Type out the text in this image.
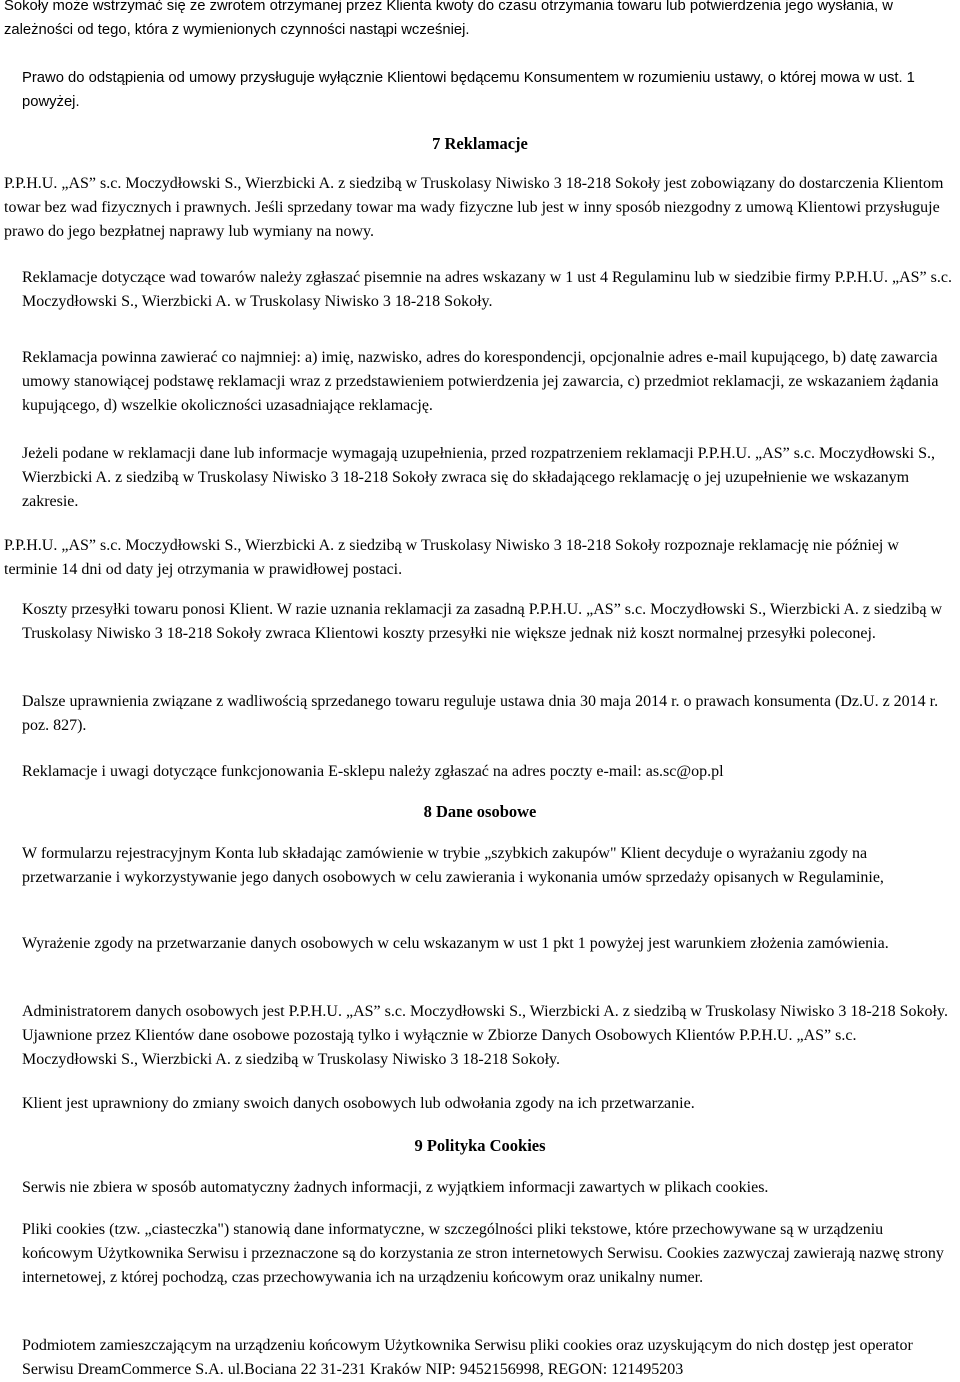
Sokoły może wstrzymać się ze zwrotem otrzymanej przez Klienta kwoty do czasu otrzymania towaru lub potwierdzenia jego wysłania, w zależności od tego, która z wymienionych czynności nastąpi wcześniej.

Prawo do odstąpienia od umowy przysługuje wyłącznie Klientowi będącemu Konsumentem w rozumieniu ustawy, o której mowa w ust. 1 powyżej.

7 Reklamacje

P.P.H.U. „AS” s.c. Moczydłowski S., Wierzbicki A. z siedzibą w Truskolasy Niwisko 3 18-218 Sokoły jest zobowiązany do dostarczenia Klientom towar bez wad fizycznych i prawnych. Jeśli sprzedany towar ma wady fizyczne lub jest w inny sposób niezgodny z umową Klientowi przysługuje prawo do jego bezpłatnej naprawy lub wymiany na nowy.

Reklamacje dotyczące wad towarów należy zgłaszać pisemnie na adres wskazany w 1 ust 4 Regulaminu lub w siedzibie firmy P.P.H.U. „AS” s.c. Moczydłowski S., Wierzbicki A. w Truskolasy Niwisko 3 18-218 Sokoły.

Reklamacja powinna zawierać co najmniej: a) imię, nazwisko, adres do korespondencji, opcjonalnie adres e-mail kupującego, b) datę zawarcia umowy stanowiącej podstawę reklamacji wraz z przedstawieniem potwierdzenia jej zawarcia, c) przedmiot reklamacji, ze wskazaniem żądania kupującego, d) wszelkie okoliczności uzasadniające reklamację.

Jeżeli podane w reklamacji dane lub informacje wymagają uzupełnienia, przed rozpatrzeniem reklamacji P.P.H.U. „AS” s.c. Moczydłowski S., Wierzbicki A. z siedzibą w Truskolasy Niwisko 3 18-218 Sokoły zwraca się do składającego reklamację o jej uzupełnienie we wskazanym zakresie.

P.P.H.U. „AS” s.c. Moczydłowski S., Wierzbicki A. z siedzibą w Truskolasy Niwisko 3 18-218 Sokoły rozpoznaje reklamację nie później w terminie 14 dni od daty jej otrzymania w prawidłowej postaci.

Koszty przesyłki towaru ponosi Klient. W razie uznania reklamacji za zasadną P.P.H.U. „AS” s.c. Moczydłowski S., Wierzbicki A. z siedzibą w Truskolasy Niwisko 3 18-218 Sokoły zwraca Klientowi koszty przesyłki nie większe jednak niż koszt normalnej przesyłki poleconej.

Dalsze uprawnienia związane z wadliwością sprzedanego towaru reguluje ustawa dnia 30 maja 2014 r. o prawach konsumenta (Dz.U. z 2014 r. poz. 827).

Reklamacje i uwagi dotyczące funkcjonowania E-sklepu należy zgłaszać na adres poczty e-mail: as.sc@op.pl

8 Dane osobowe

W formularzu rejestracyjnym Konta lub składając zamówienie w trybie „szybkich zakupów" Klient decyduje o wyrażaniu zgody na przetwarzanie i wykorzystywanie jego danych osobowych w celu zawierania i wykonania umów sprzedaży opisanych w Regulaminie,

Wyrażenie zgody na przetwarzanie danych osobowych w celu wskazanym w ust 1 pkt 1 powyżej jest warunkiem złożenia zamówienia.

Administratorem danych osobowych jest P.P.H.U. „AS” s.c. Moczydłowski S., Wierzbicki A. z siedzibą w Truskolasy Niwisko 3 18-218 Sokoły. Ujawnione przez Klientów dane osobowe pozostają tylko i wyłącznie w Zbiorze Danych Osobowych Klientów P.P.H.U. „AS” s.c. Moczydłowski S., Wierzbicki A. z siedzibą w Truskolasy Niwisko 3 18-218 Sokoły.

Klient jest uprawniony do zmiany swoich danych osobowych lub odwołania zgody na ich przetwarzanie.

9 Polityka Cookies

Serwis nie zbiera w sposób automatyczny żadnych informacji, z wyjątkiem informacji zawartych w plikach cookies.

Pliki cookies (tzw. „ciasteczka") stanowią dane informatyczne, w szczególności pliki tekstowe, które przechowywane są w urządzeniu końcowym Użytkownika Serwisu i przeznaczone są do korzystania ze stron internetowych Serwisu. Cookies zazwyczaj zawierają nazwę strony internetowej, z której pochodzą, czas przechowywania ich na urządzeniu końcowym oraz unikalny numer.

Podmiotem zamieszczającym na urządzeniu końcowym Użytkownika Serwisu pliki cookies oraz uzyskującym do nich dostęp jest operator Serwisu DreamCommerce S.A. ul.Bociana 22 31-231 Kraków NIP: 9452156998, REGON: 121495203
